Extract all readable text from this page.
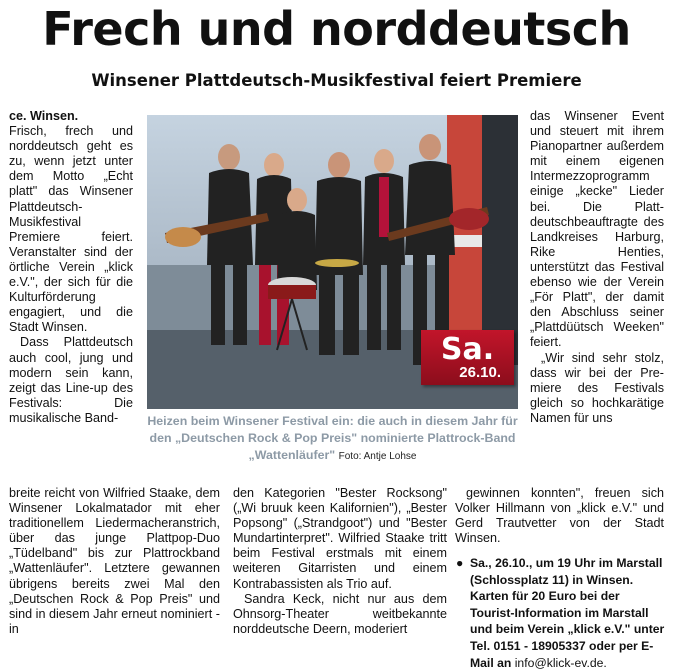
Frech und norddeutsch
Winsener Plattdeutsch-Musikfestival feiert Premiere

ce. Winsen.
Frisch, frech und norddeutsch geht es zu, wenn jetzt unter dem Motto „Echt platt" das Winsener Plattdeutsch-Musikfestival Premiere feiert. Veranstalter sind der örtliche Verein „klick e.V.", der sich für die Kulturförderung engagiert, und die Stadt Winsen.

Dass Plattdeutsch auch cool, jung und modern sein kann, zeigt das Line-up des Festivals: Die musikalische Band-

breite reicht von Wilfried Staake, dem Winsener Lokalmatador mit eher traditionellem Liedermacheranstrich, über das junge Plattpop-Duo „Tüdelband" bis zur Plattrockband „Wattenläufer". Letztere gewannen übrigens bereits zwei Mal den „Deutschen Rock & Pop Preis" und sind in diesem Jahr erneut nominiert - in

den Kategorien "Bester Rocksong" („Wi bruuk keen Kalifornien"), „Bester Popsong" („Strandgoot") und "Bester Mundartinterpret". Wilfried Staake tritt beim Festival erstmals mit einem weiteren Gitarristen und einem Kontrabassisten als Trio auf.

Sandra Keck, nicht nur aus dem Ohnsorg-Theater weitbekannte norddeutsche Deern, moderiert

Sa.
26.10.
Heizen beim Winsener Festival ein: die auch in diesem Jahr für den „Deutschen Rock & Pop Preis" nominierte Plattrock-Band „Wattenläufer" Foto: Antje Lohse

das Winsener Event und steuert mit ihrem Pianopartner außerdem mit einem eigenen Intermezzoprogramm einige „kecke" Lieder bei. Die Plattdeutschbeauftragte des Landkreises Harburg, Rike Henties, unterstützt das Festival ebenso wie der Verein „För Platt", der damit den Abschluss seiner „Plattdüütsch Weeken" feiert.

„Wir sind sehr stolz, dass wir bei der Premiere des Festivals gleich so hochkarätige Namen für uns

gewinnen konnten", freuen sich Volker Hillmann von „klick e.V." und Gerd Trautvetter von der Stadt Winsen.

● Sa., 26.10., um 19 Uhr im Marstall (Schlossplatz 11) in Winsen. Karten für 20 Euro bei der Tourist-Information im Marstall und beim Verein „klick e.V." unter Tel. 0151 - 18905337 oder per E-Mail an info@klick-ev.de.
